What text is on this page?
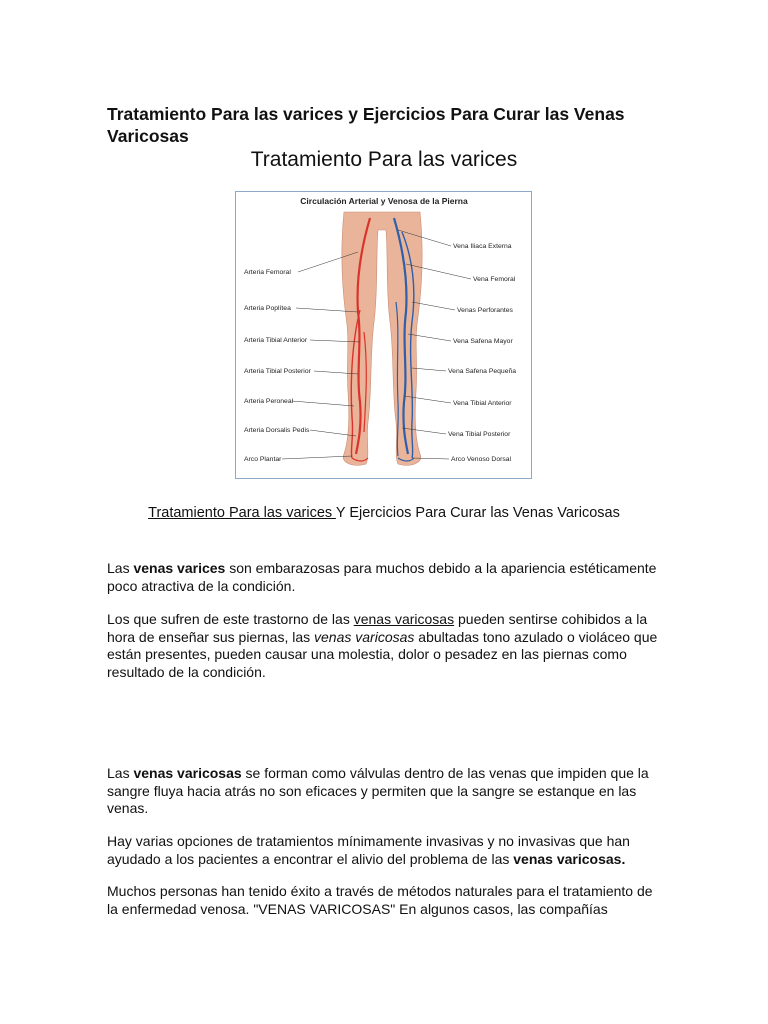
Tratamiento Para las varices y Ejercicios Para Curar las Venas Varicosas
Tratamiento Para las varices
Circulación Arterial y Venosa de la Pierna
Arteria Femoral
Arteria Poplítea
Arteria Tibial Anterior
Arteria Tibial Posterior
Arteria Peroneal
Arteria Dorsalis Pedis
Arco Plantar
Vena Iliaca Externa
Vena Femoral
Venas Perforantes
Vena Safena Mayor
Vena Safena Pequeña
Vena Tibial Anterior
Vena Tibial Posterior
Arco Venoso Dorsal
Tratamiento Para las varices Y Ejercicios Para Curar las Venas Varicosas

Las venas varices son embarazosas para muchos debido a la apariencia estéticamente poco atractiva de la condición.

Los que sufren de este trastorno de las venas varicosas pueden sentirse cohibidos a la hora de enseñar sus piernas, las venas varicosas abultadas tono azulado o violáceo que están presentes, pueden causar una molestia, dolor o pesadez en las piernas como resultado de la condición.

Las venas varicosas se forman como válvulas dentro de las venas que impiden que la sangre fluya hacia atrás no son eficaces y permiten que la sangre se estanque en las venas.

Hay varias opciones de tratamientos mínimamente invasivas y no invasivas que han ayudado a los pacientes a encontrar el alivio del problema de las venas varicosas.

Muchos personas han tenido éxito a través de métodos naturales para el tratamiento de la enfermedad venosa. "VENAS VARICOSAS" En algunos casos, las compañías
